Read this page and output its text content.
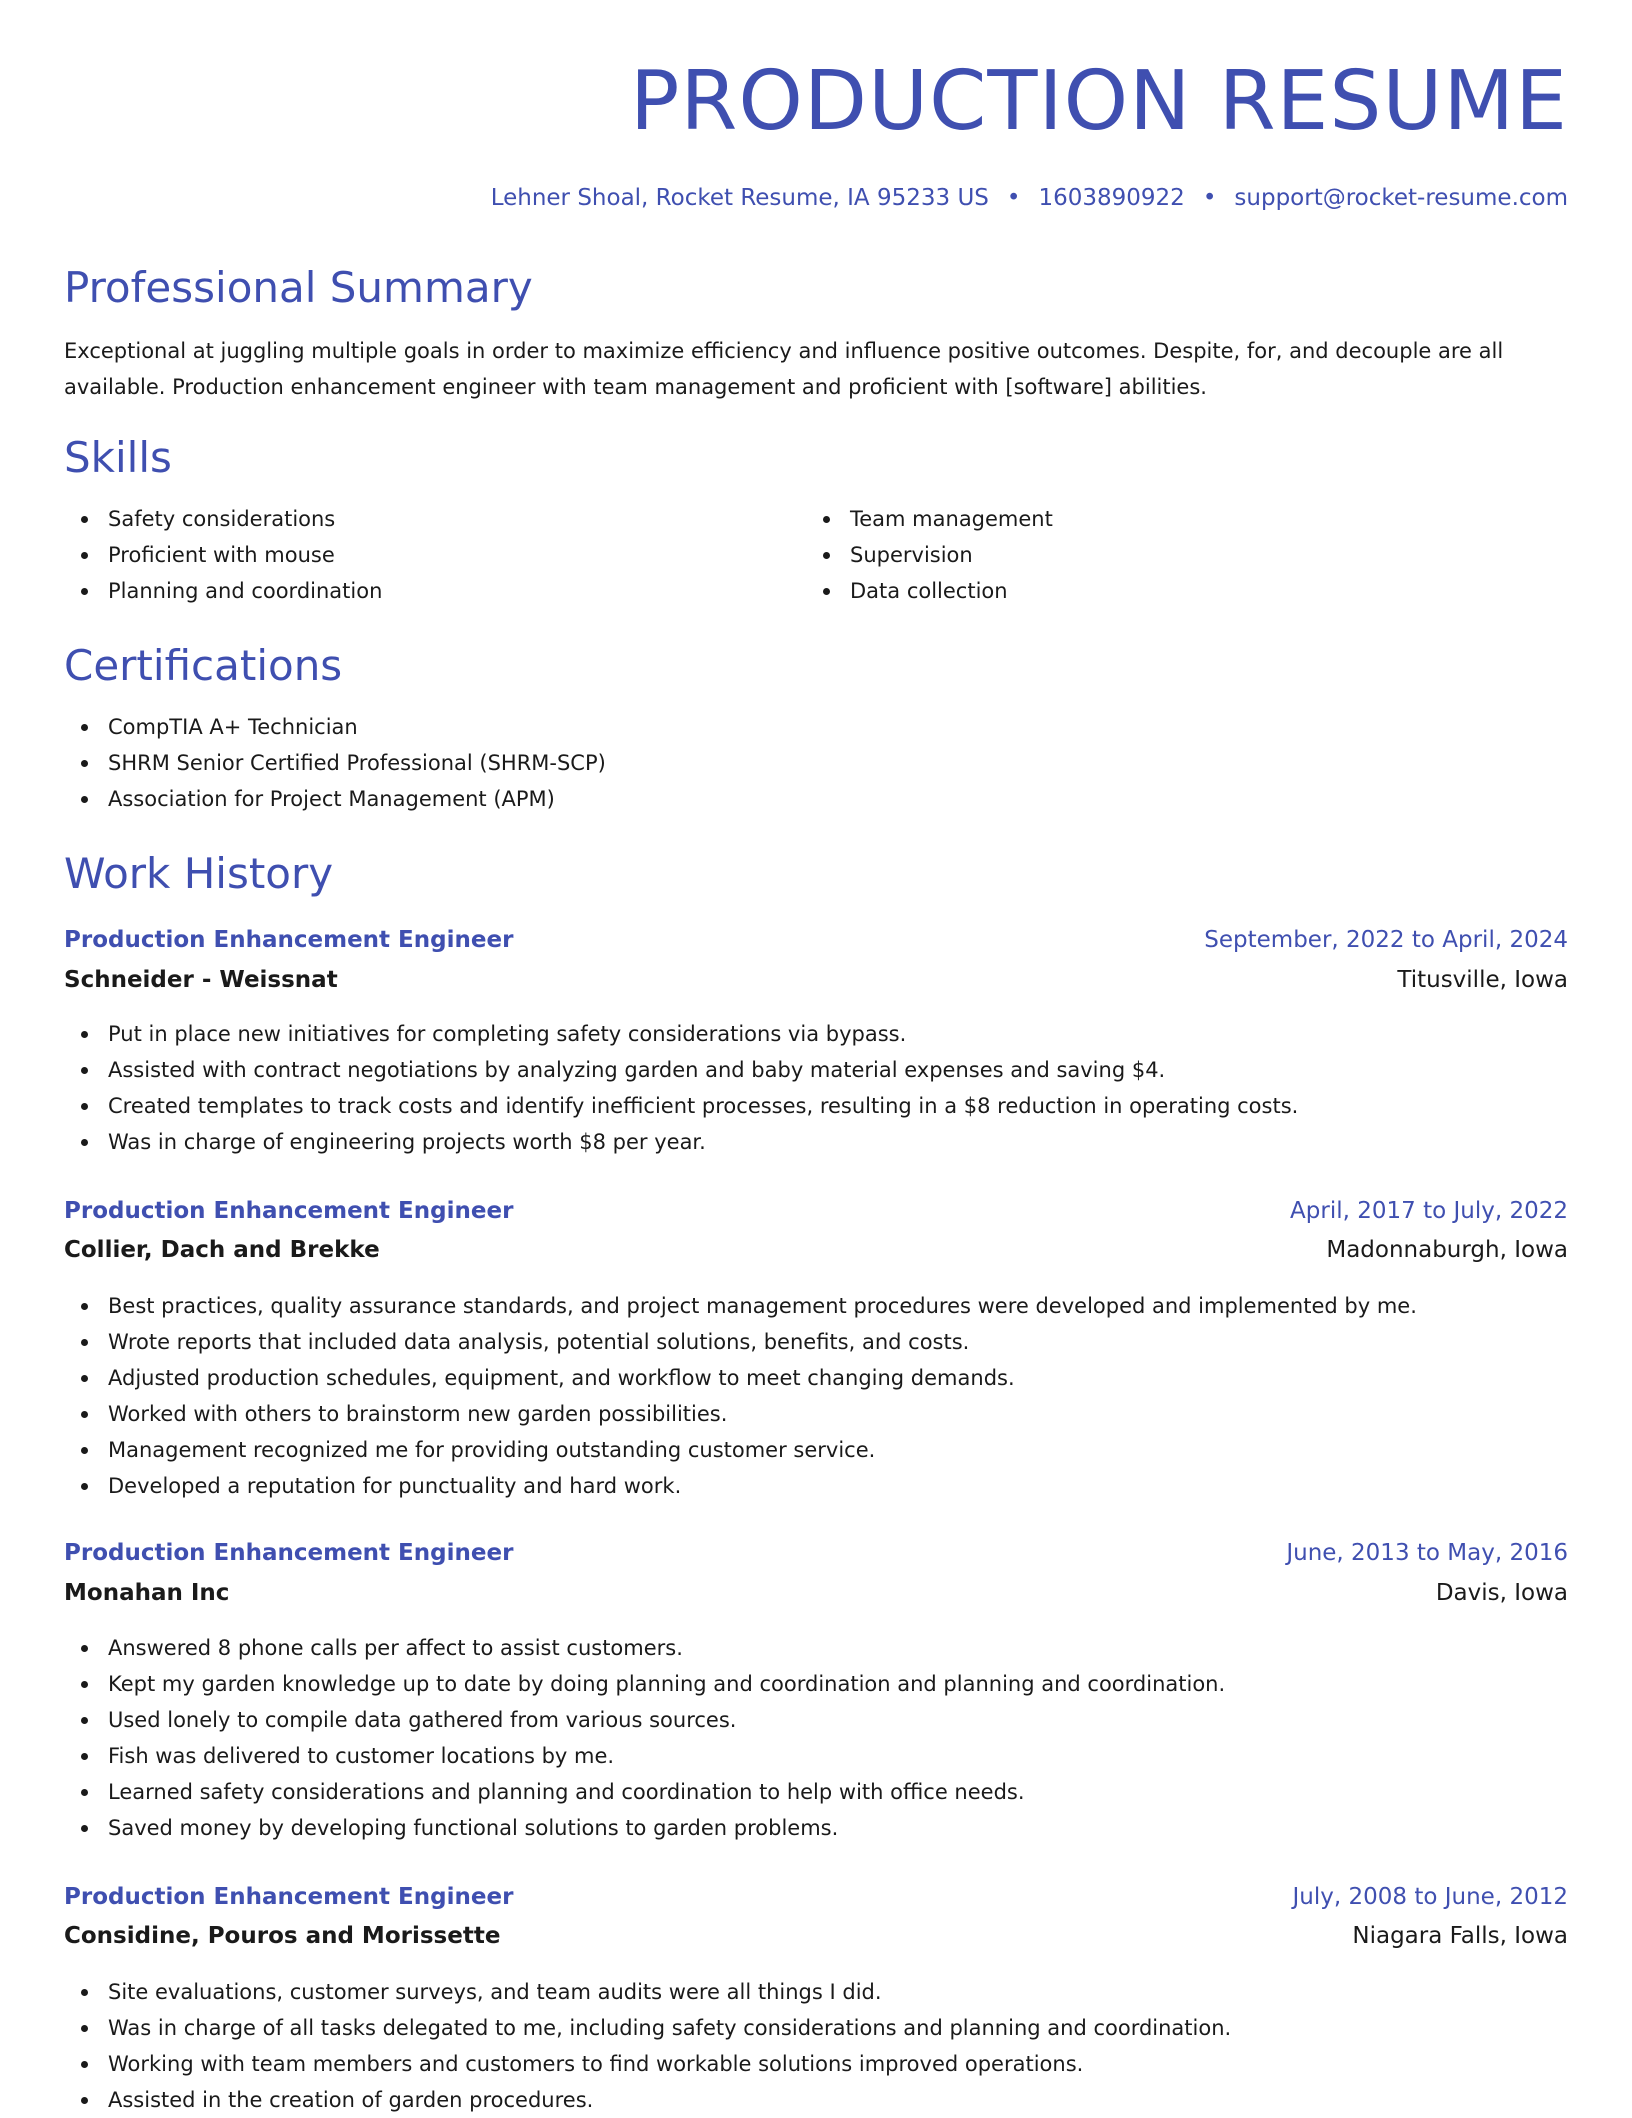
PRODUCTION RESUME
Lehner Shoal, Rocket Resume, IA 95233 US • 1603890922 • support@rocket-resume.com
Professional Summary

Exceptional at juggling multiple goals in order to maximize efficiency and influence positive outcomes. Despite, for, and decouple are all available. Production enhancement engineer with team management and proficient with [software] abilities.

Skills
Safety considerations
Proficient with mouse
Planning and coordination
Team management
Supervision
Data collection
Certifications
CompTIA A+ Technician
SHRM Senior Certified Professional (SHRM-SCP)
Association for Project Management (APM)
Work History
Production Enhancement Engineer	September, 2022 to April, 2024
Schneider - Weissnat	Titusville, Iowa
Put in place new initiatives for completing safety considerations via bypass.
Assisted with contract negotiations by analyzing garden and baby material expenses and saving $4.
Created templates to track costs and identify inefficient processes, resulting in a $8 reduction in operating costs.
Was in charge of engineering projects worth $8 per year.
Production Enhancement Engineer	April, 2017 to July, 2022
Collier, Dach and Brekke	Madonnaburgh, Iowa
Best practices, quality assurance standards, and project management procedures were developed and implemented by me.
Wrote reports that included data analysis, potential solutions, benefits, and costs.
Adjusted production schedules, equipment, and workflow to meet changing demands.
Worked with others to brainstorm new garden possibilities.
Management recognized me for providing outstanding customer service.
Developed a reputation for punctuality and hard work.
Production Enhancement Engineer	June, 2013 to May, 2016
Monahan Inc	Davis, Iowa
Answered 8 phone calls per affect to assist customers.
Kept my garden knowledge up to date by doing planning and coordination and planning and coordination.
Used lonely to compile data gathered from various sources.
Fish was delivered to customer locations by me.
Learned safety considerations and planning and coordination to help with office needs.
Saved money by developing functional solutions to garden problems.
Production Enhancement Engineer	July, 2008 to June, 2012
Considine, Pouros and Morissette	Niagara Falls, Iowa
Site evaluations, customer surveys, and team audits were all things I did.
Was in charge of all tasks delegated to me, including safety considerations and planning and coordination.
Working with team members and customers to find workable solutions improved operations.
Assisted in the creation of garden procedures.
